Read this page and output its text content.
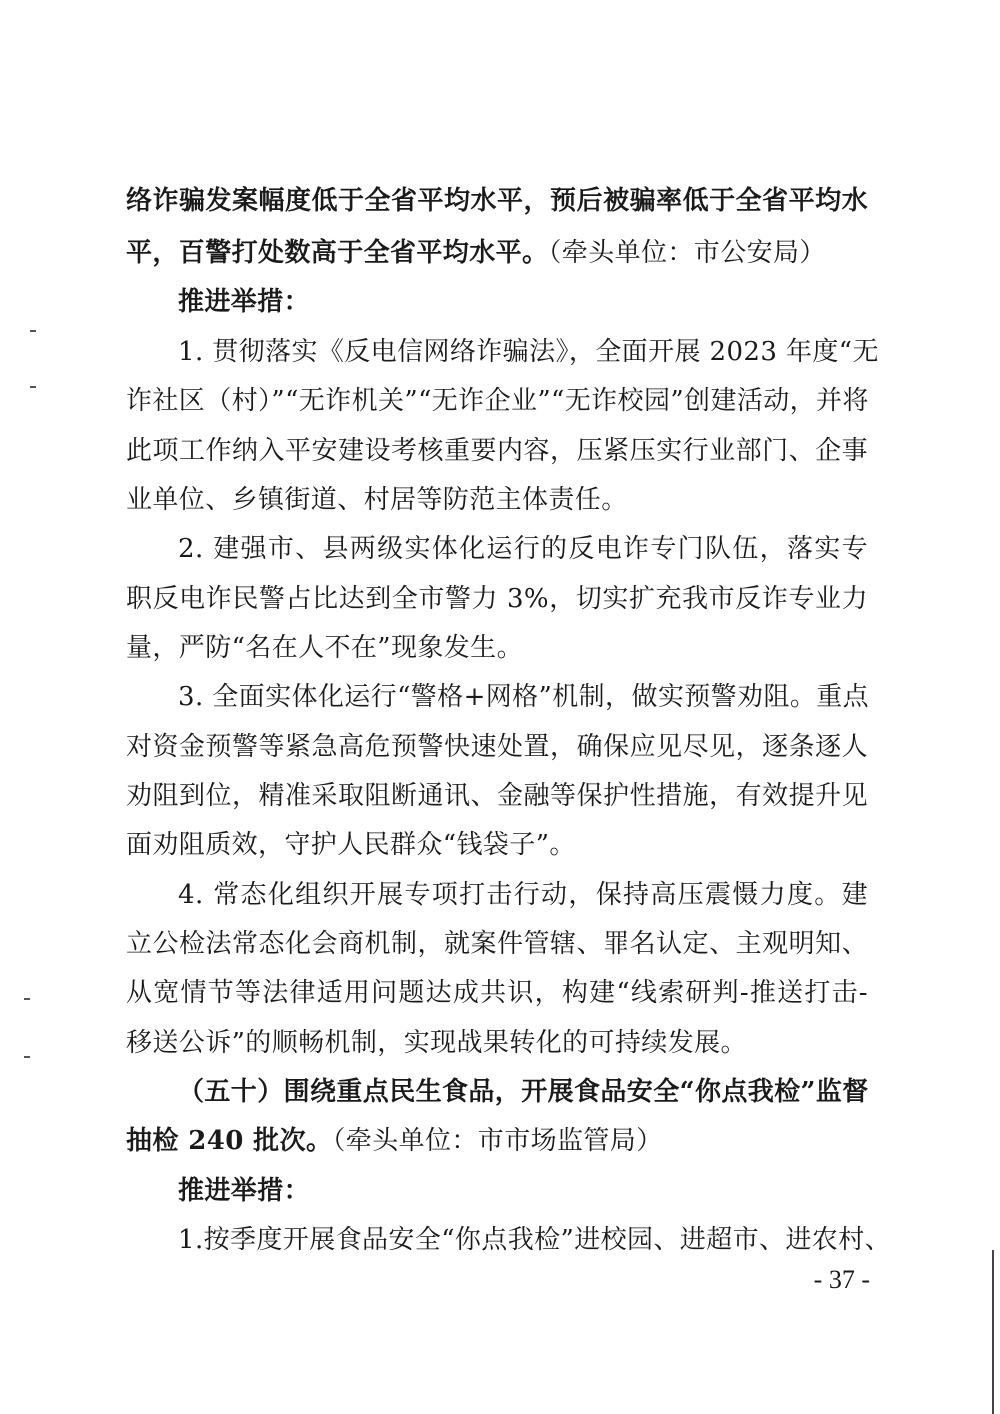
络诈骗发案幅度低于全省平均水平，预后被骗率低于全省平均水
平，百警打处数高于全省平均水平。（牵头单位：市公安局）
推进举措：
1. 贯彻落实《反电信网络诈骗法》，全面开展 2023 年度“无
诈社区（村）”“无诈机关”“无诈企业”“无诈校园”创建活动，并将
此项工作纳入平安建设考核重要内容，压紧压实行业部门、企事
业单位、乡镇街道、村居等防范主体责任。
2. 建强市、县两级实体化运行的反电诈专门队伍，落实专
职反电诈民警占比达到全市警力 3%，切实扩充我市反诈专业力
量，严防“名在人不在”现象发生。
3. 全面实体化运行“警格+网格”机制，做实预警劝阻。重点
对资金预警等紧急高危预警快速处置，确保应见尽见，逐条逐人
劝阻到位，精准采取阻断通讯、金融等保护性措施，有效提升见
面劝阻质效，守护人民群众“钱袋子”。
4. 常态化组织开展专项打击行动，保持高压震慑力度。建
立公检法常态化会商机制，就案件管辖、罪名认定、主观明知、
从宽情节等法律适用问题达成共识，构建“线索研判-推送打击-
移送公诉”的顺畅机制，实现战果转化的可持续发展。
（五十）围绕重点民生食品，开展食品安全“你点我检”监督
抽检 240 批次。（牵头单位：市市场监管局）
推进举措：
1.按季度开展食品安全“你点我检”进校园、进超市、进农村、
- 37 -
